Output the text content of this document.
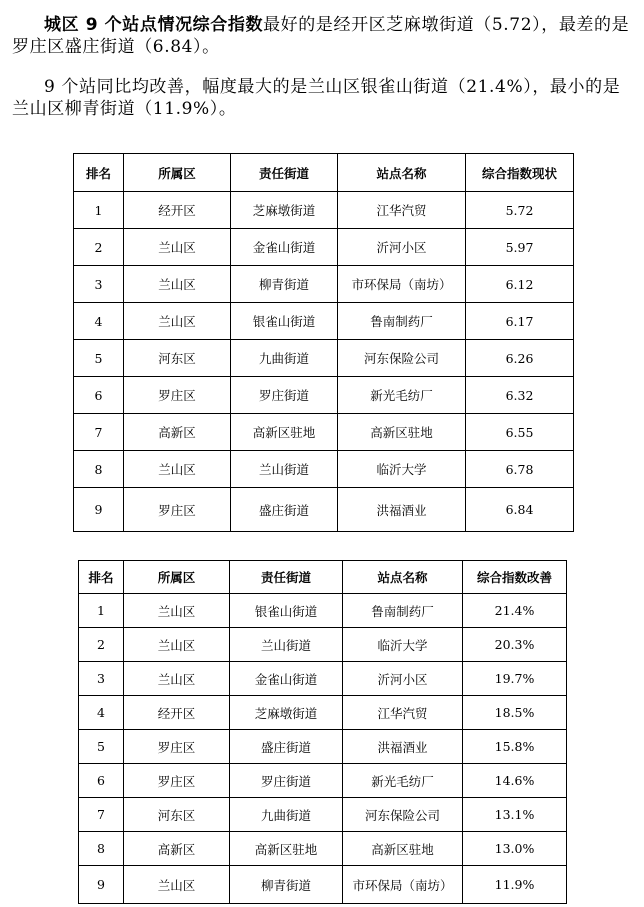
城区 9 个站点情况综合指数最好的是经开区芝麻墩街道（5.72），最差的是罗庄区盛庄街道（6.84）。

9 个站同比均改善，幅度最大的是兰山区银雀山街道（21.4%），最小的是兰山区柳青街道（11.9%）。

排名	所属区	责任街道	站点名称	综合指数现状
1	经开区	芝麻墩街道	江华汽贸	5.72
2	兰山区	金雀山街道	沂河小区	5.97
3	兰山区	柳青街道	市环保局（南坊）	6.12
4	兰山区	银雀山街道	鲁南制药厂	6.17
5	河东区	九曲街道	河东保险公司	6.26
6	罗庄区	罗庄街道	新光毛纺厂	6.32
7	高新区	高新区驻地	高新区驻地	6.55
8	兰山区	兰山街道	临沂大学	6.78
9	罗庄区	盛庄街道	洪福酒业	6.84
排名	所属区	责任街道	站点名称	综合指数改善
1	兰山区	银雀山街道	鲁南制药厂	21.4%
2	兰山区	兰山街道	临沂大学	20.3%
3	兰山区	金雀山街道	沂河小区	19.7%
4	经开区	芝麻墩街道	江华汽贸	18.5%
5	罗庄区	盛庄街道	洪福酒业	15.8%
6	罗庄区	罗庄街道	新光毛纺厂	14.6%
7	河东区	九曲街道	河东保险公司	13.1%
8	高新区	高新区驻地	高新区驻地	13.0%
9	兰山区	柳青街道	市环保局（南坊）	11.9%
